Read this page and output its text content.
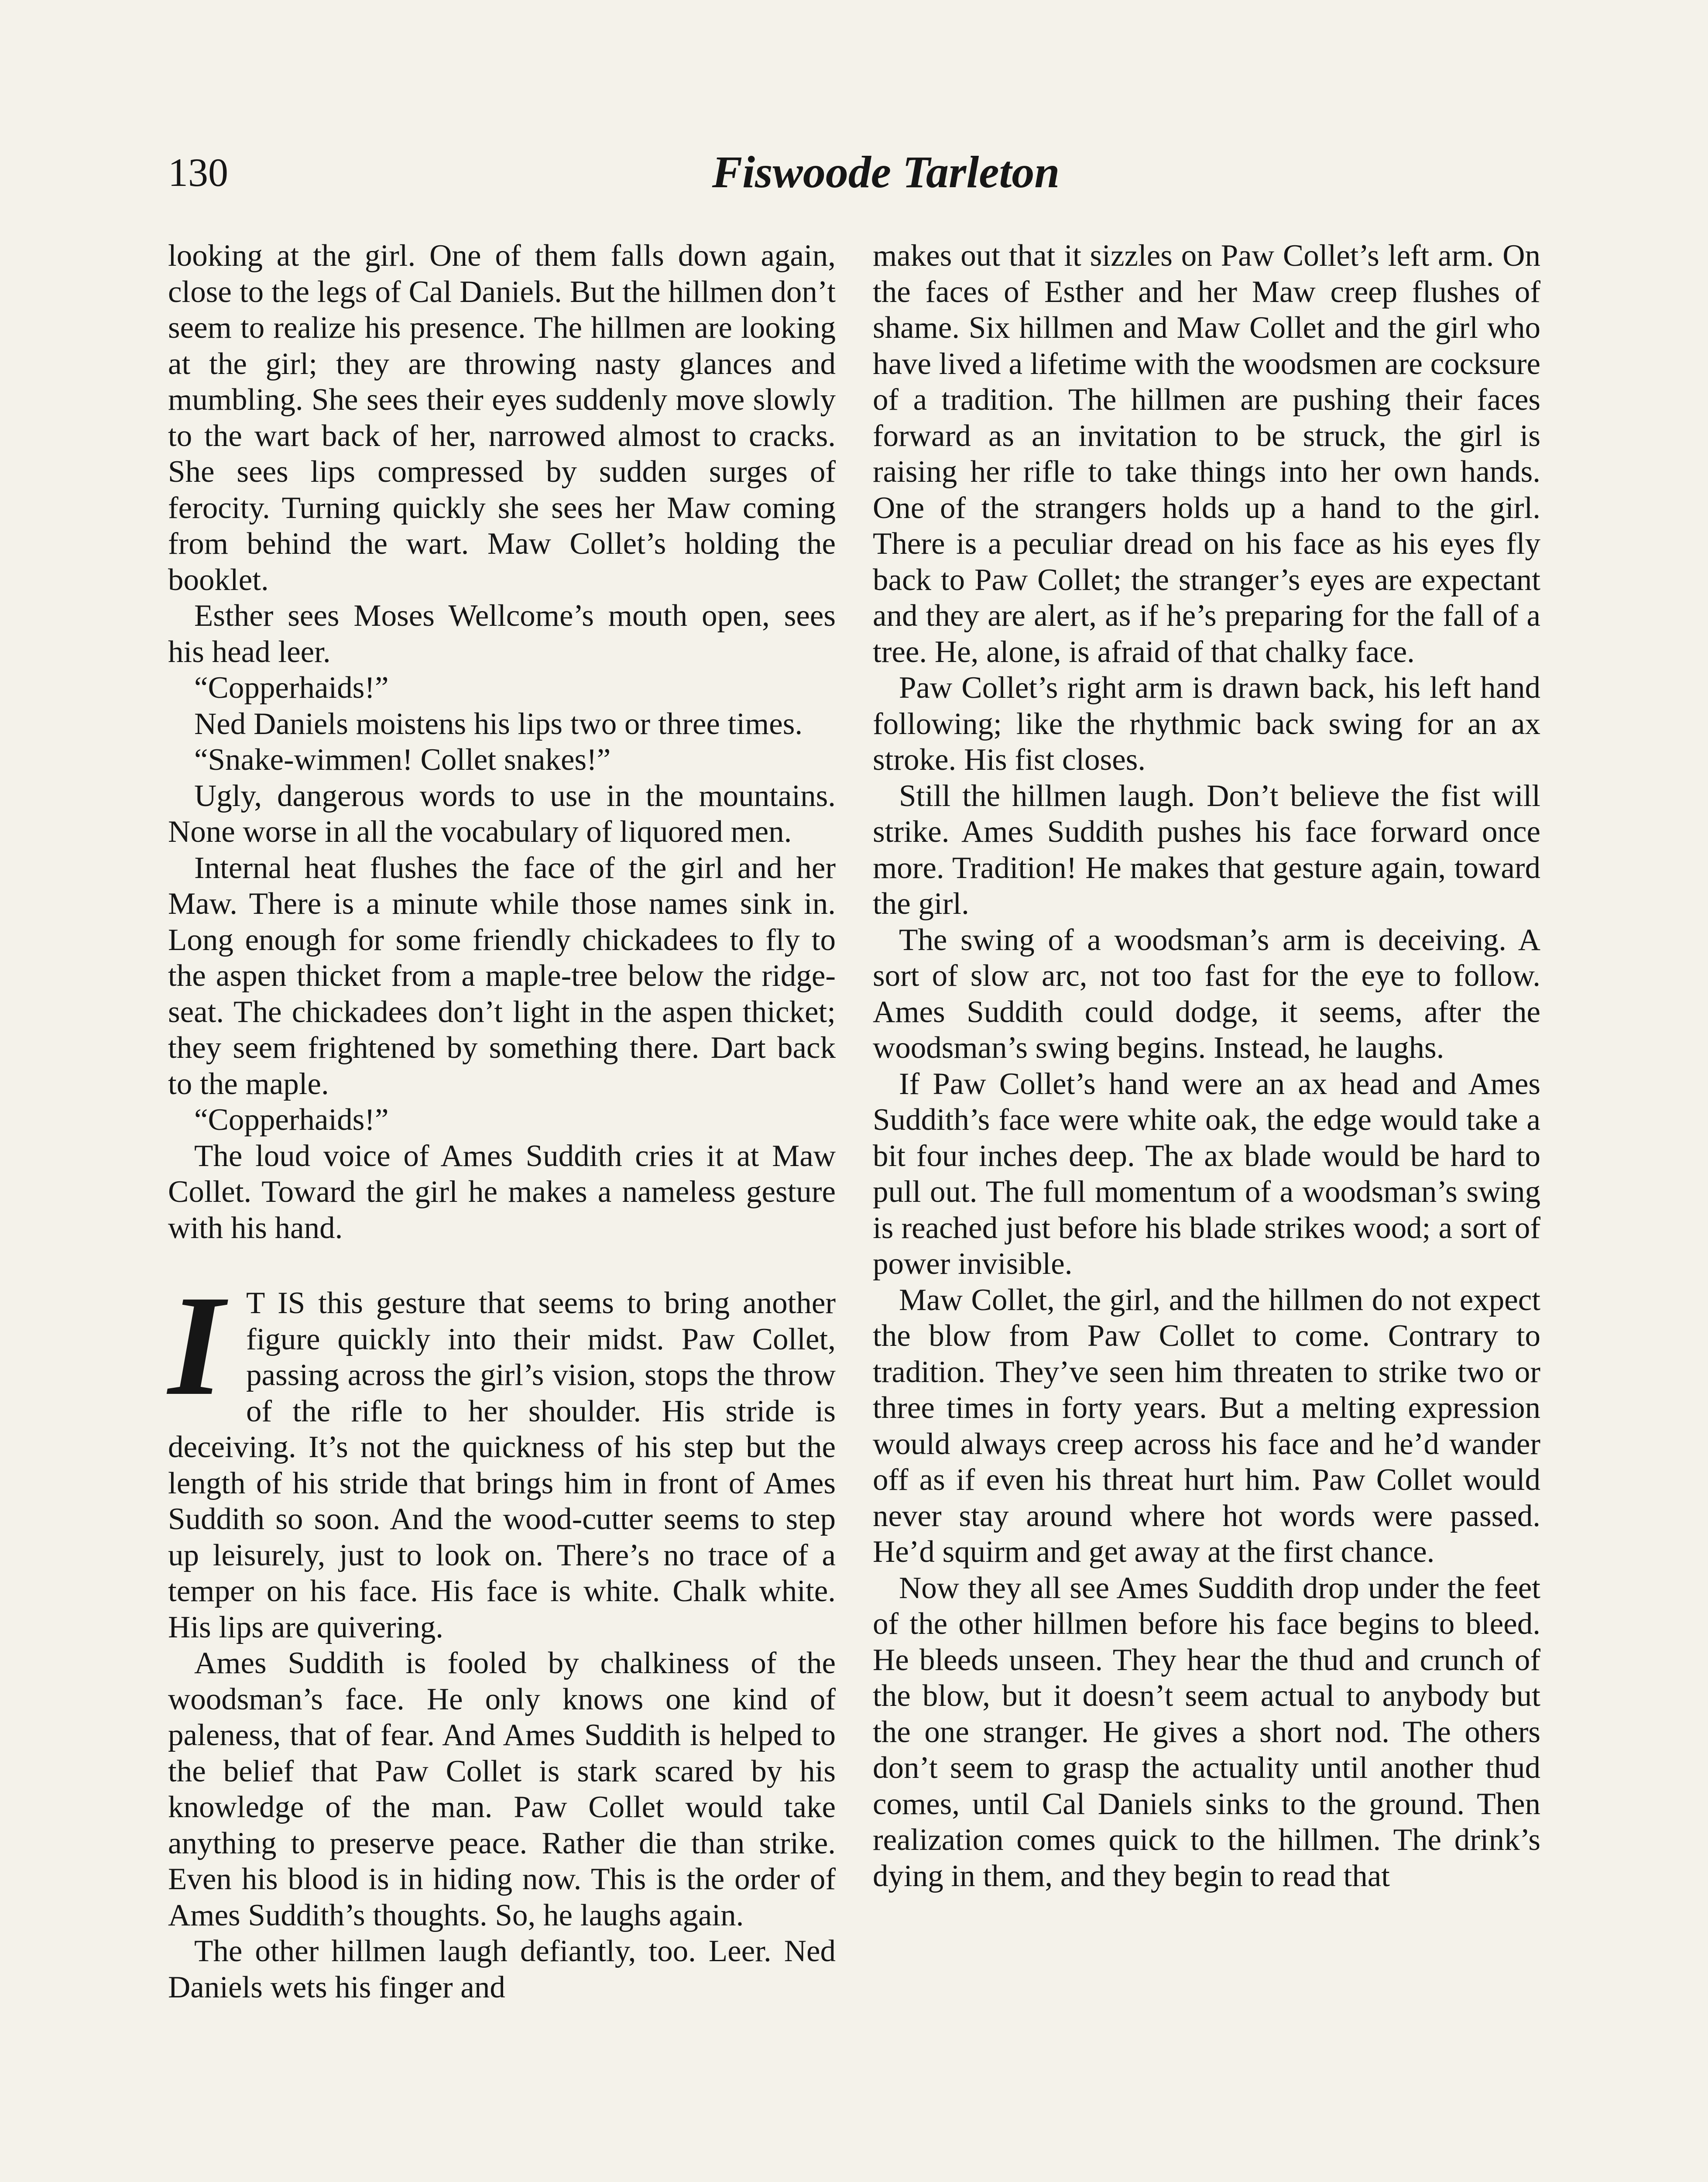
130	Fiswoode Tarleton

looking at the girl. One of them falls down again, close to the legs of Cal Daniels. But the hillmen don’t seem to realize his presence. The hillmen are looking at the girl; they are throwing nasty glances and mumbling. She sees their eyes suddenly move slowly to the wart back of her, narrowed almost to cracks. She sees lips compressed by sudden surges of ferocity. Turning quickly she sees her Maw coming from behind the wart. Maw Collet’s holding the booklet.

Esther sees Moses Wellcome’s mouth open, sees his head leer.

“Copperhaids!”

Ned Daniels moistens his lips two or three times.

“Snake-wimmen! Collet snakes!”

Ugly, dangerous words to use in the mountains. None worse in all the vocabulary of liquored men.

Internal heat flushes the face of the girl and her Maw. There is a minute while those names sink in. Long enough for some friendly chickadees to fly to the aspen thicket from a maple-tree below the ridge-seat. The chickadees don’t light in the aspen thicket; they seem frightened by something there. Dart back to the maple.

“Copperhaids!”

The loud voice of Ames Suddith cries it at Maw Collet. Toward the girl he makes a nameless gesture with his hand.

I T IS this gesture that seems to bring another figure quickly into their midst. Paw Collet, passing across the girl’s vision, stops the throw of the rifle to her shoulder. His stride is deceiving. It’s not the quickness of his step but the length of his stride that brings him in front of Ames Suddith so soon. And the wood-cutter seems to step up leisurely, just to look on. There’s no trace of a temper on his face. His face is white. Chalk white. His lips are quivering.

Ames Suddith is fooled by chalkiness of the woodsman’s face. He only knows one kind of paleness, that of fear. And Ames Suddith is helped to the belief that Paw Collet is stark scared by his knowledge of the man. Paw Collet would take anything to preserve peace. Rather die than strike. Even his blood is in hiding now. This is the order of Ames Suddith’s thoughts. So, he laughs again.

The other hillmen laugh defiantly, too. Leer. Ned Daniels wets his finger and

makes out that it sizzles on Paw Collet’s left arm. On the faces of Esther and her Maw creep flushes of shame. Six hillmen and Maw Collet and the girl who have lived a lifetime with the woodsmen are cocksure of a tradition. The hillmen are pushing their faces forward as an invitation to be struck, the girl is raising her rifle to take things into her own hands. One of the strangers holds up a hand to the girl. There is a peculiar dread on his face as his eyes fly back to Paw Collet; the stranger’s eyes are expectant and they are alert, as if he’s preparing for the fall of a tree. He, alone, is afraid of that chalky face.

Paw Collet’s right arm is drawn back, his left hand following; like the rhythmic back swing for an ax stroke. His fist closes.

Still the hillmen laugh. Don’t believe the fist will strike. Ames Suddith pushes his face forward once more. Tradition! He makes that gesture again, toward the girl.

The swing of a woodsman’s arm is deceiving. A sort of slow arc, not too fast for the eye to follow. Ames Suddith could dodge, it seems, after the woodsman’s swing begins. Instead, he laughs.

If Paw Collet’s hand were an ax head and Ames Suddith’s face were white oak, the edge would take a bit four inches deep. The ax blade would be hard to pull out. The full momentum of a woodsman’s swing is reached just before his blade strikes wood; a sort of power invisible.

Maw Collet, the girl, and the hillmen do not expect the blow from Paw Collet to come. Contrary to tradition. They’ve seen him threaten to strike two or three times in forty years. But a melting expression would always creep across his face and he’d wander off as if even his threat hurt him. Paw Collet would never stay around where hot words were passed. He’d squirm and get away at the first chance.

Now they all see Ames Suddith drop under the feet of the other hillmen before his face begins to bleed. He bleeds unseen. They hear the thud and crunch of the blow, but it doesn’t seem actual to anybody but the one stranger. He gives a short nod. The others don’t seem to grasp the actuality until another thud comes, until Cal Daniels sinks to the ground. Then realization comes quick to the hillmen. The drink’s dying in them, and they begin to read that
